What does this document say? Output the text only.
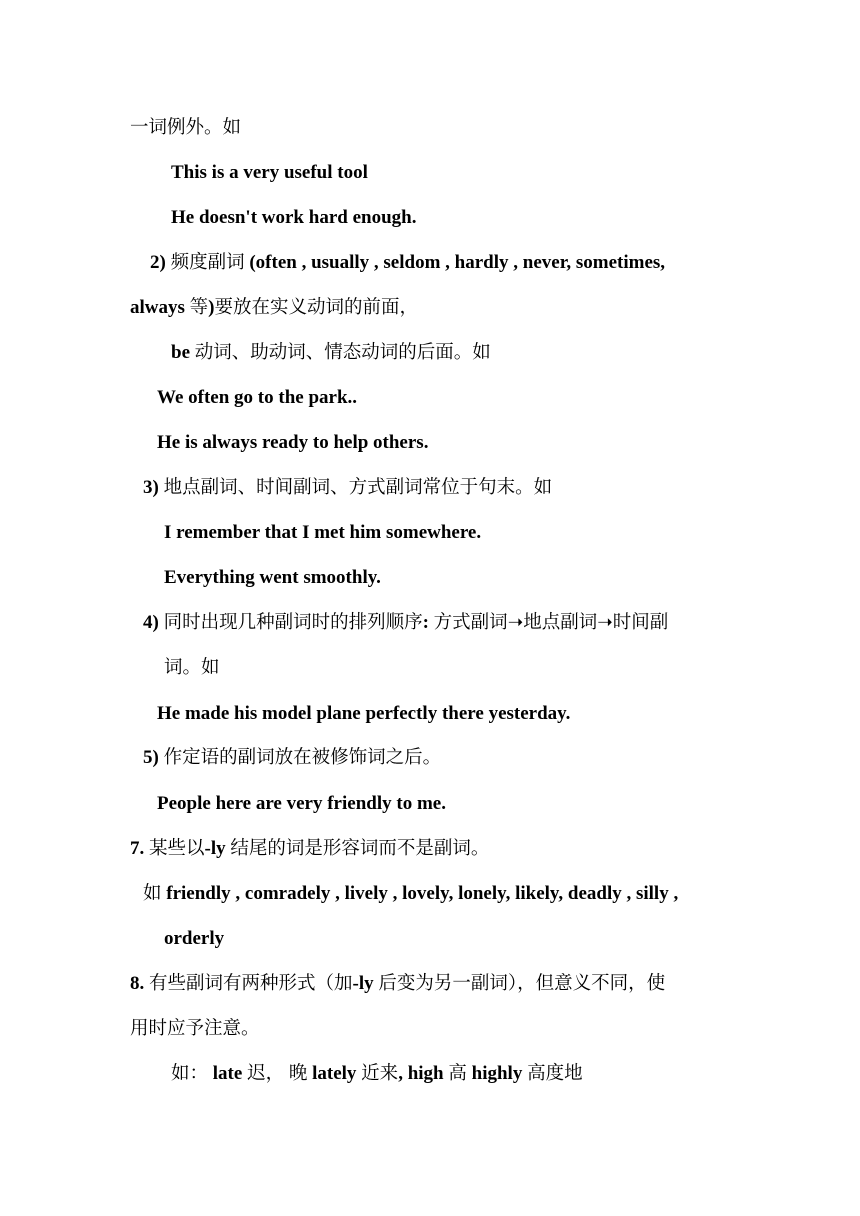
一词例外。如
This is a very useful tool
He doesn't work hard enough.
2) 频度副词 (often , usually , seldom , hardly , never, sometimes,
always 等)要放在实义动词的前面，
be 动词、助动词、情态动词的后面。如
We often go to the park..
He is always ready to help others.
3) 地点副词、时间副词、方式副词常位于句末。如
I remember that I met him somewhere.
Everything went smoothly.
4) 同时出现几种副词时的排列顺序: 方式副词➝地点副词➝时间副
词。如
He made his model plane perfectly there yesterday.
5) 作定语的副词放在被修饰词之后。
People here are very friendly to me.
7. 某些以-ly 结尾的词是形容词而不是副词。
如 friendly , comradely , lively , lovely, lonely, likely, deadly , silly ,
orderly
8. 有些副词有两种形式（加-ly 后变为另一副词），但意义不同，使
用时应予注意。
如： late 迟， 晚 lately 近来, high 高 highly 高度地
